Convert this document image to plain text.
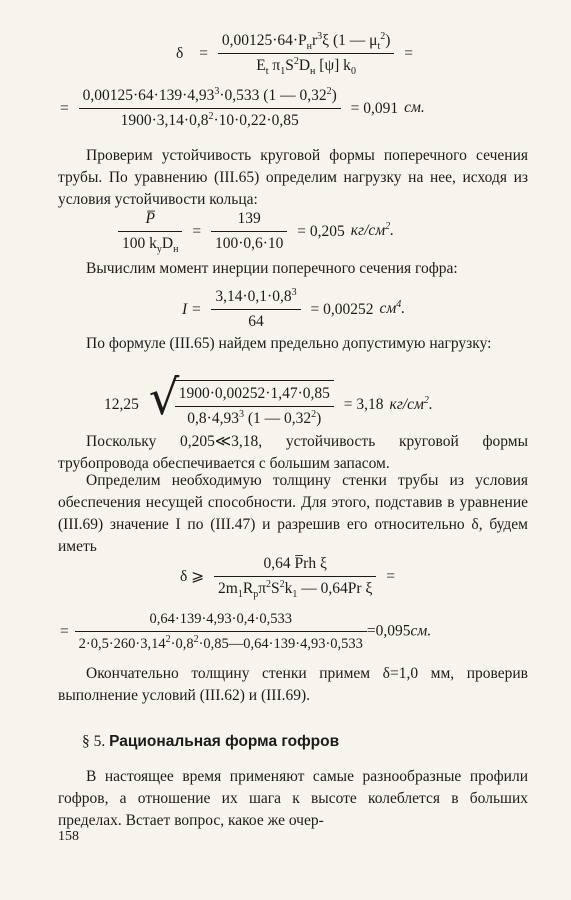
$\delta = \frac{0,00125\cdot 64\cdot P_нr^3\xi (1 — \mu_t^2)}{E_t \pi_1S^2D_н [\psi] k_0}$ =
= $\frac{0,00125\cdot 64\cdot 139\cdot 4,93^3\cdot 0,533 (1 — 0,32^2)}{1900\cdot 3,14\cdot 0,8^2\cdot 10\cdot 0,22\cdot 0,85} = 0,091$ см.
Проверим устойчивость круговой формы поперечного сечения трубы. По уравнению (III.65) определим нагрузку на нее, исходя из условия устойчивости кольца:
$\frac{P̅}{100 k_yD_н} = \frac{139}{100\cdot 0,6\cdot 10} = 0,205$ $кг/см^2$.
Вычислим момент инерции поперечного сечения гофра:
$I = \frac{3,14\cdot 0,1\cdot 0,8^3}{64} = 0,00252$ $см^4$.
По формуле (III.65) найдем предельно допустимую нагрузку:
12,25 √
$\frac{1900\cdot 0,00252\cdot 1,47\cdot 0,85}{0,8\cdot 4,93^3 (1 — 0,32^2)} = 3,18$ $кг/см^2$.
Поскольку 0,205≪3,18, устойчивость круговой формы трубопровода обеспечивается с большим запасом.
Определим необходимую толщину стенки трубы из условия обеспечения несущей способности. Для этого, подставив в уравнение (III.69) значение I по (III.47) и разрешив его относительно δ, будем иметь
δ ⩾ $\frac{\text{0,64 P̅rh ξ}}{2m_1R_p\pi^2S^2k_1 — 0,64Pr \xi}$ =
= $\frac{0,64\cdot 139\cdot 4,93\cdot 0,4\cdot 0,533}{2\cdot 0,5\cdot 260\cdot 3,14^2\cdot 0,8^2\cdot 0,85—0,64\cdot 139\cdot 4,93\cdot 0,533} =0,095см$.
Окончательно толщину стенки примем δ=1,0 мм, проверив выполнение условий (III.62) и (III.69).
§ 5. Рациональная форма гофров
В настоящее время применяют самые разнообразные профили гофров, а отношение их шага к высоте колеблется в больших пределах. Встает вопрос, какое же очер-
158
